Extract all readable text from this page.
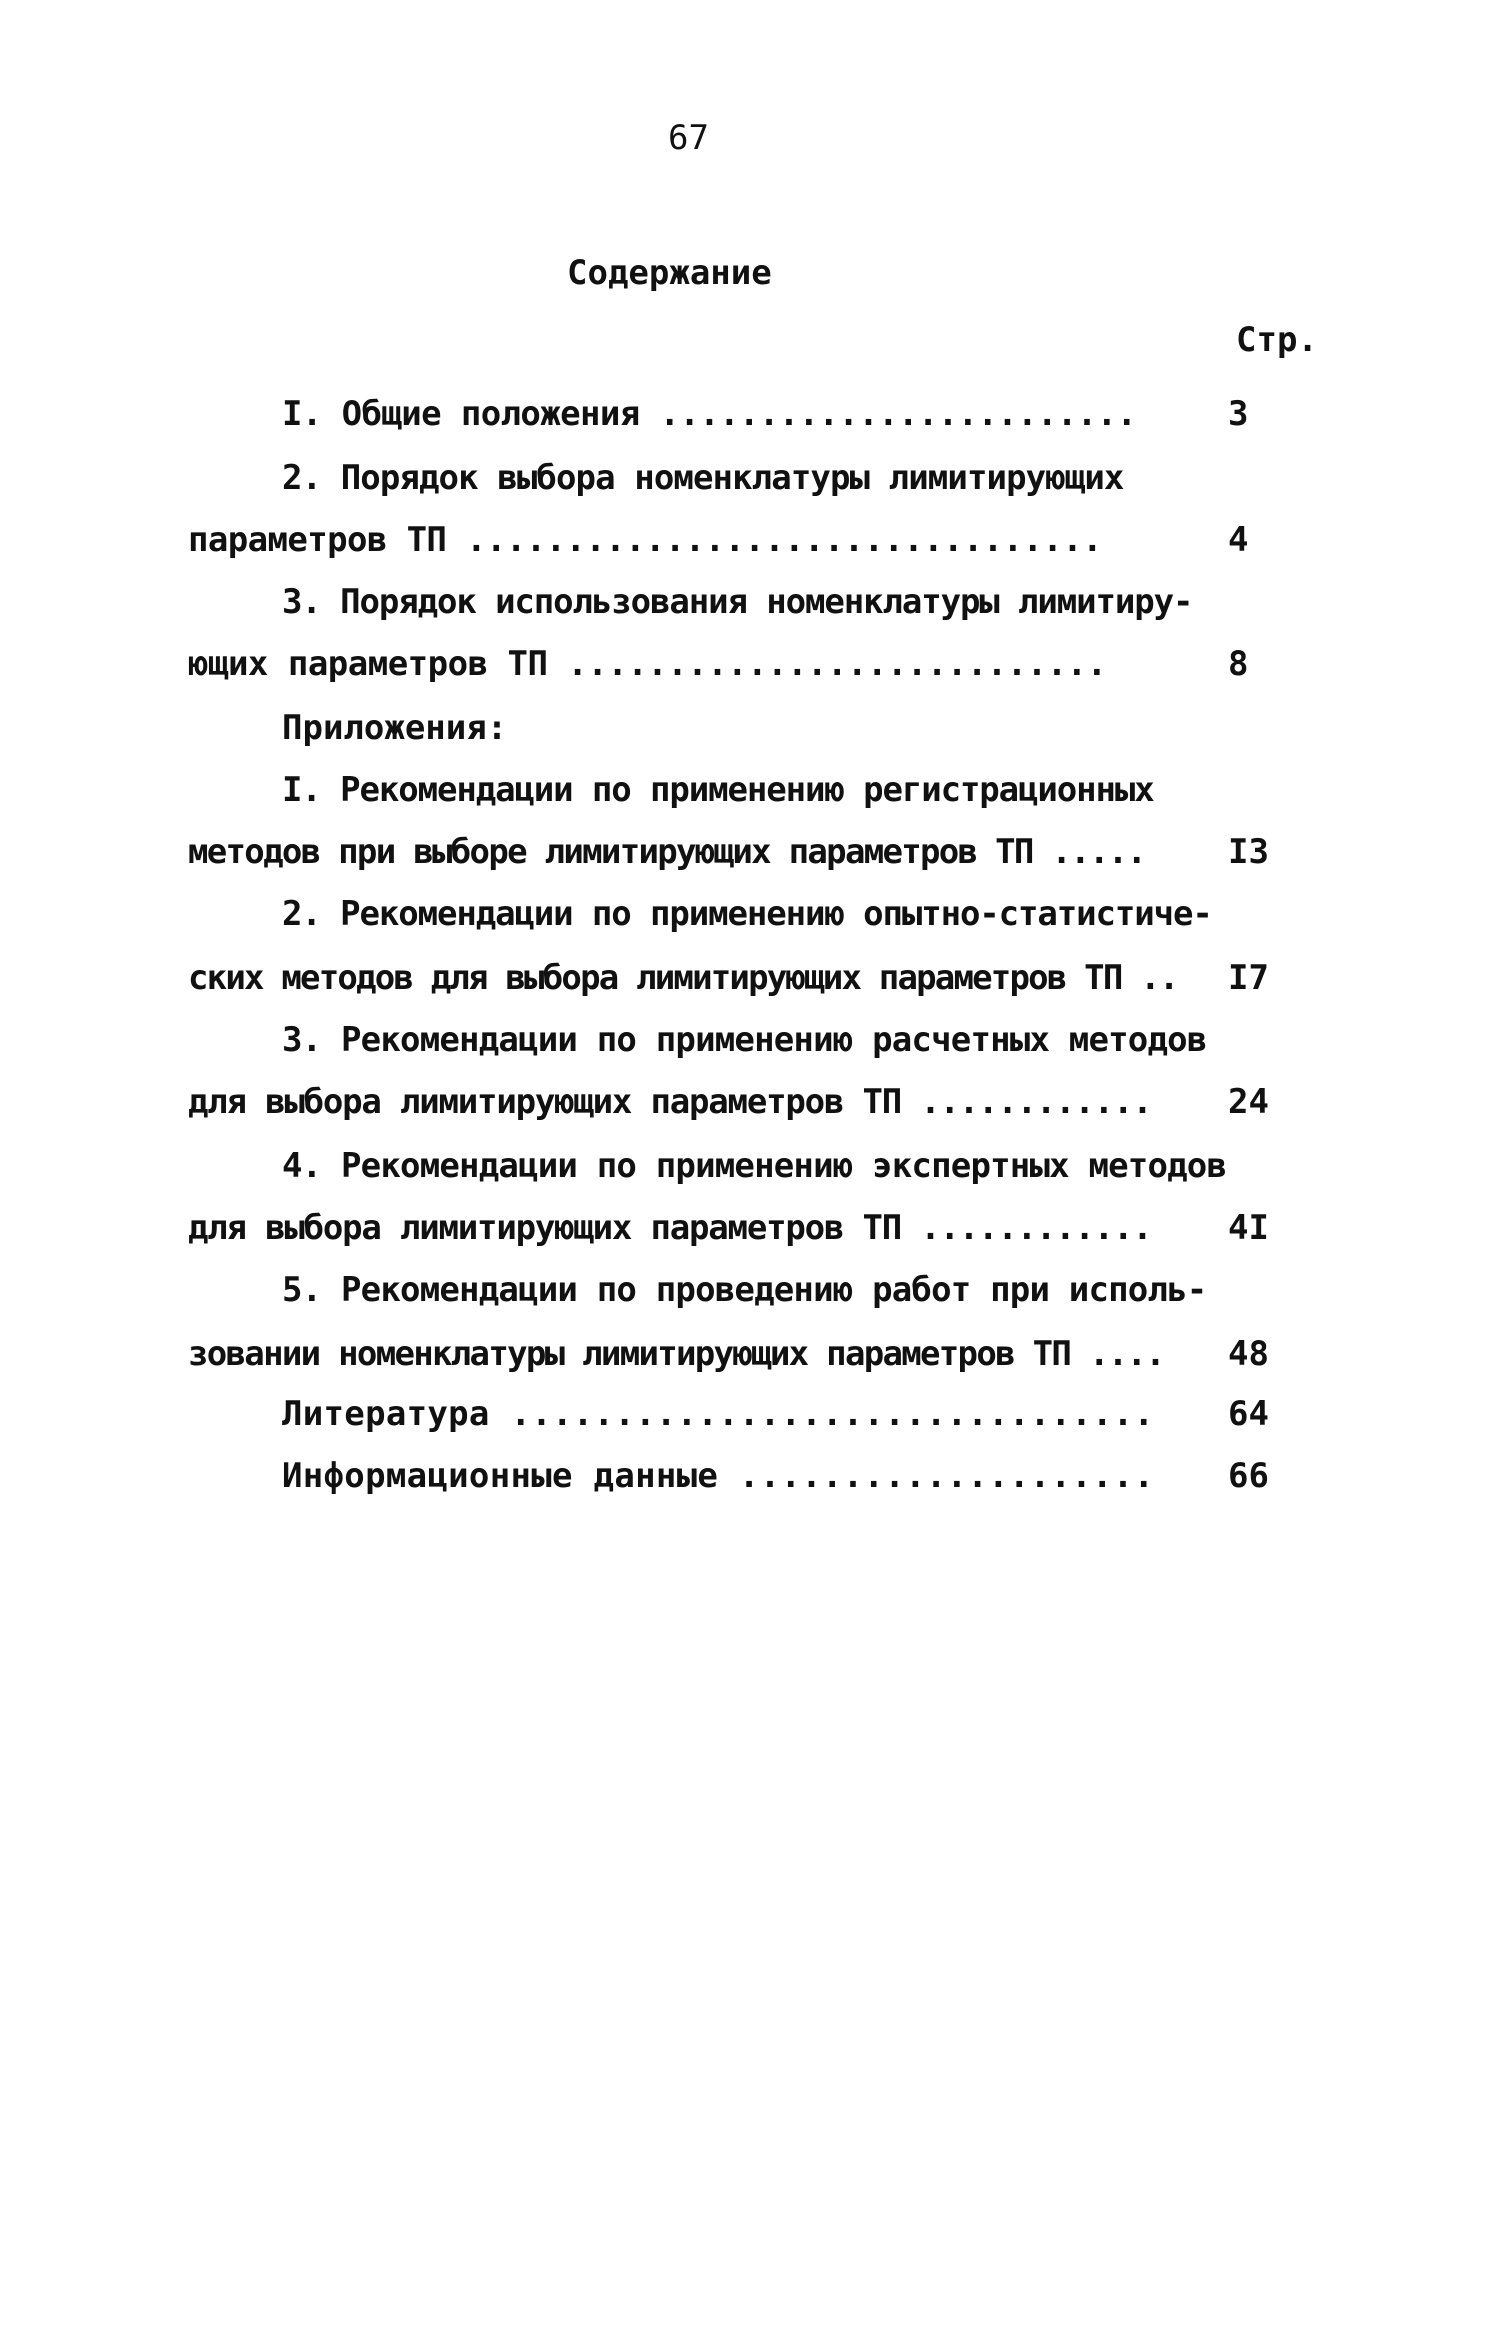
67
Содержание
Стр.
I. Общие положения ........................	3
2. Порядок выбора номенклатуры лимитирующих
параметров ТП ................................	4
3. Порядок использования номенклатуры лимитиру-
ющих параметров ТП ...........................	8
Приложения:
I. Рекомендации по применению регистрационных
методов при выборе лимитирующих параметров ТП ..... I3
2. Рекомендации по применению опытно-статистиче-
ских методов для выбора лимитирующих параметров ТП .. I7
3. Рекомендации по применению расчетных методов
для выбора лимитирующих параметров ТП ............ 24
4. Рекомендации по применению экспертных методов
для выбора лимитирующих параметров ТП ............ 4I
5. Рекомендации по проведению работ при исполь-
зовании номенклатуры лимитирующих параметров ТП .... 48
Литература ............................... 64
Информационные данные .................... 66
